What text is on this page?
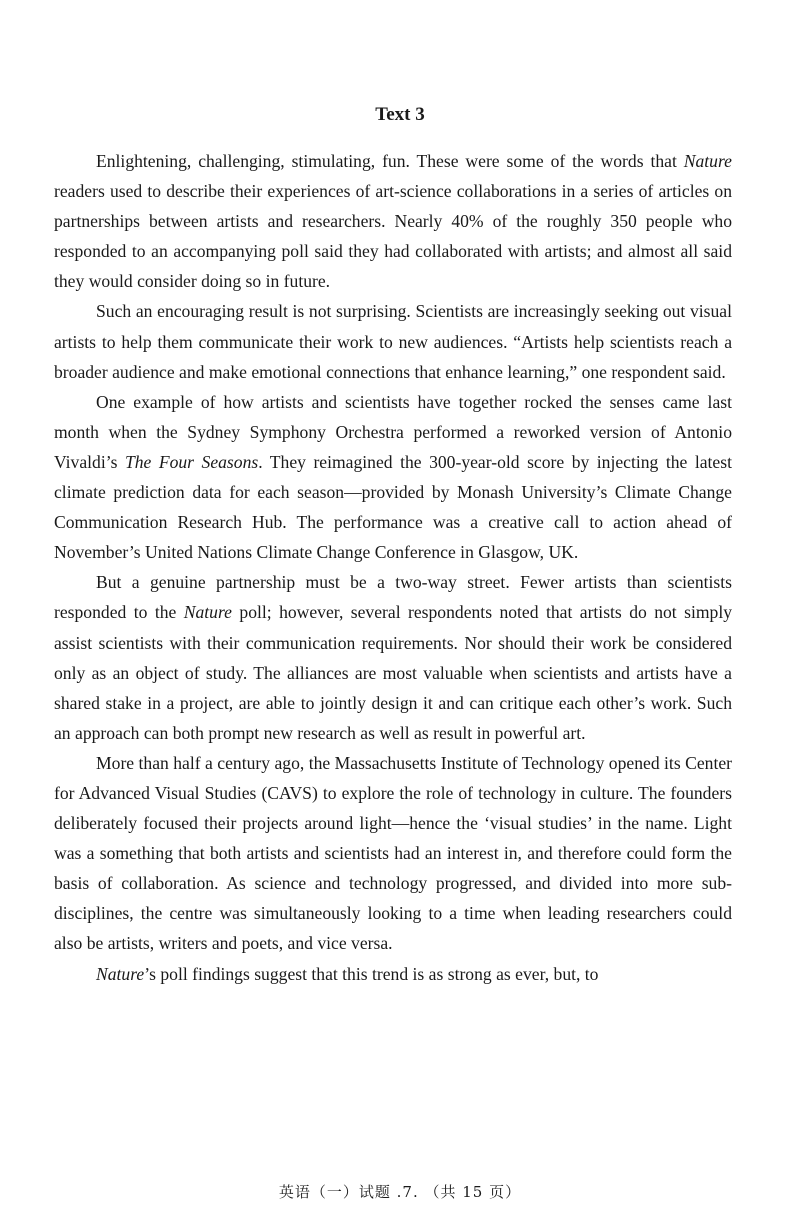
Text 3

Enlightening, challenging, stimulating, fun. These were some of the words that Nature readers used to describe their experiences of art-science collaborations in a series of articles on partnerships between artists and researchers. Nearly 40% of the roughly 350 people who responded to an accompanying poll said they had collaborated with artists; and almost all said they would consider doing so in future.

Such an encouraging result is not surprising. Scientists are increasingly seeking out visual artists to help them communicate their work to new audiences. “Artists help scientists reach a broader audience and make emotional connections that enhance learning,” one respondent said.

One example of how artists and scientists have together rocked the senses came last month when the Sydney Symphony Orchestra performed a reworked version of Antonio Vivaldi’s The Four Seasons. They reimagined the 300-year-old score by injecting the latest climate prediction data for each season—provided by Monash University’s Climate Change Communication Research Hub. The performance was a creative call to action ahead of November’s United Nations Climate Change Conference in Glasgow, UK.

But a genuine partnership must be a two-way street. Fewer artists than scientists responded to the Nature poll; however, several respondents noted that artists do not simply assist scientists with their communication requirements. Nor should their work be considered only as an object of study. The alliances are most valuable when scientists and artists have a shared stake in a project, are able to jointly design it and can critique each other’s work. Such an approach can both prompt new research as well as result in powerful art.

More than half a century ago, the Massachusetts Institute of Technology opened its Center for Advanced Visual Studies (CAVS) to explore the role of technology in culture. The founders deliberately focused their projects around light—hence the ‘visual studies’ in the name. Light was a something that both artists and scientists had an interest in, and therefore could form the basis of collaboration. As science and technology progressed, and divided into more sub-disciplines, the centre was simultaneously looking to a time when leading researchers could also be artists, writers and poets, and vice versa.

Nature’s poll findings suggest that this trend is as strong as ever, but, to

英语（一）试题 .7. （共 15 页）
